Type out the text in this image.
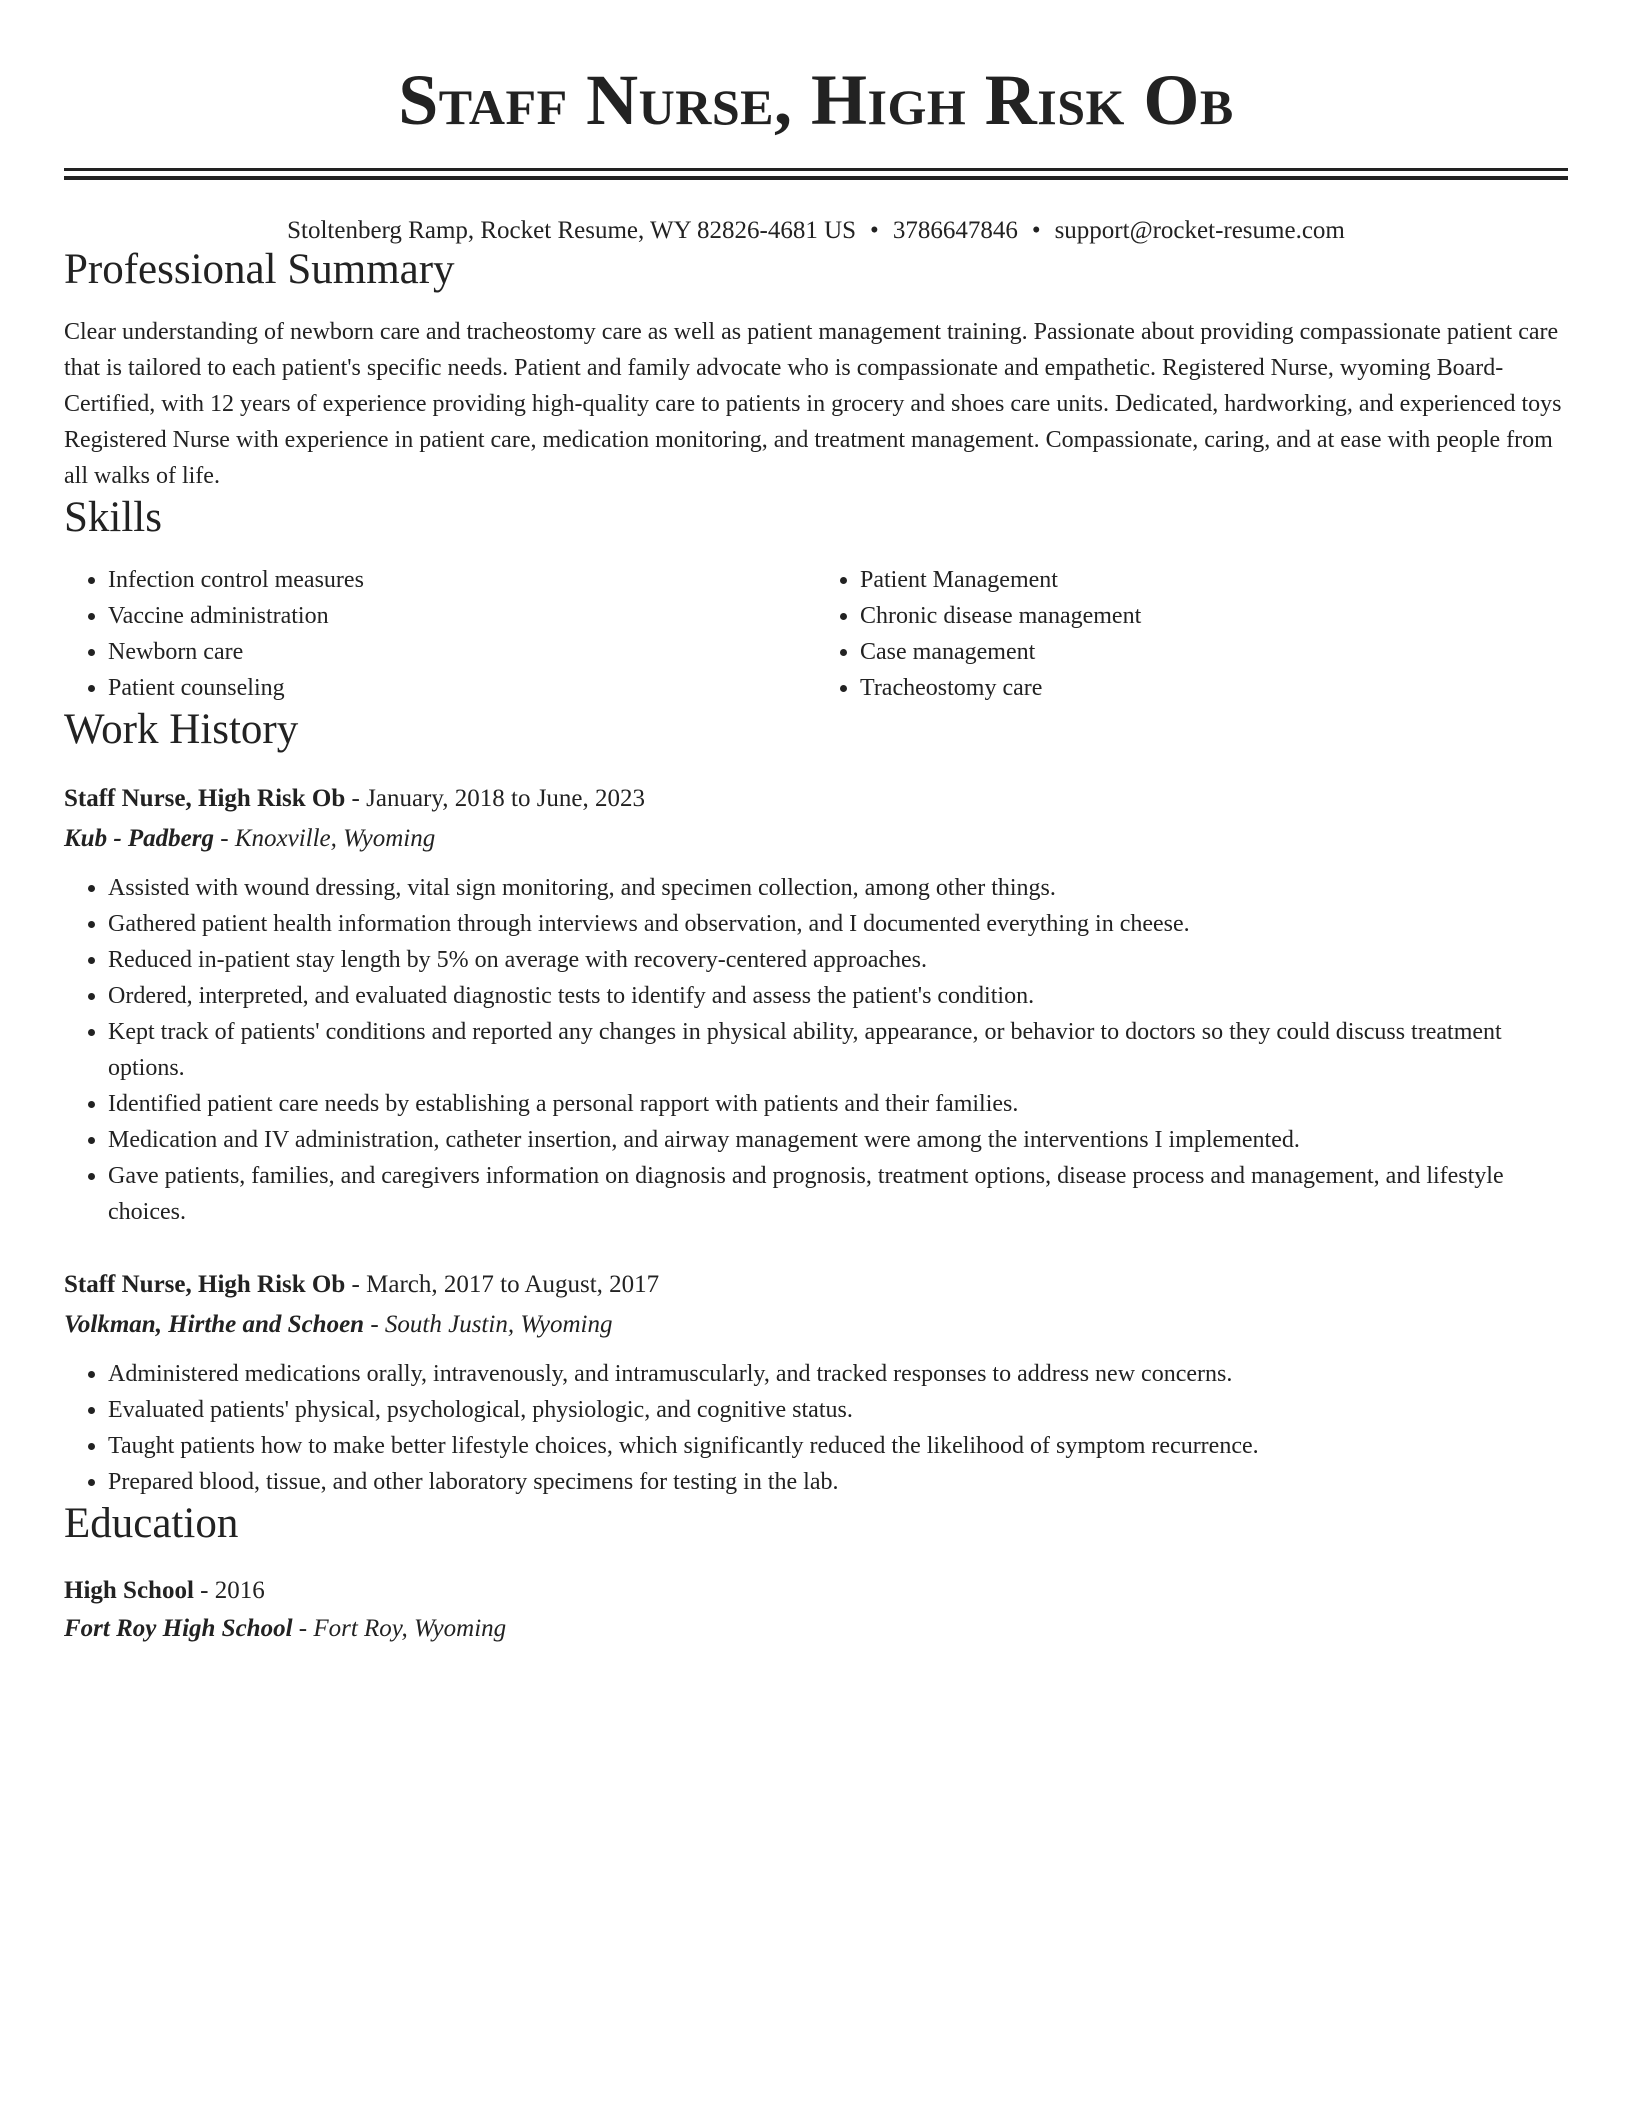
Staff Nurse, High Risk Ob
Stoltenberg Ramp, Rocket Resume, WY 82826-4681 US • 3786647846 • support@rocket-resume.com
Professional Summary
Clear understanding of newborn care and tracheostomy care as well as patient management training. Passionate about providing compassionate patient care that is tailored to each patient's specific needs. Patient and family advocate who is compassionate and empathetic. Registered Nurse, wyoming Board-Certified, with 12 years of experience providing high-quality care to patients in grocery and shoes care units. Dedicated, hardworking, and experienced toys Registered Nurse with experience in patient care, medication monitoring, and treatment management. Compassionate, caring, and at ease with people from all walks of life.
Skills
• Infection control measures
• Vaccine administration
• Newborn care
• Patient counseling
• Patient Management
• Chronic disease management
• Case management
• Tracheostomy care
Work History
Staff Nurse, High Risk Ob - January, 2018 to June, 2023
Kub - Padberg - Knoxville, Wyoming
• Assisted with wound dressing, vital sign monitoring, and specimen collection, among other things.
• Gathered patient health information through interviews and observation, and I documented everything in cheese.
• Reduced in-patient stay length by 5% on average with recovery-centered approaches.
• Ordered, interpreted, and evaluated diagnostic tests to identify and assess the patient's condition.
• Kept track of patients' conditions and reported any changes in physical ability, appearance, or behavior to doctors so they could discuss treatment options.
• Identified patient care needs by establishing a personal rapport with patients and their families.
• Medication and IV administration, catheter insertion, and airway management were among the interventions I implemented.
• Gave patients, families, and caregivers information on diagnosis and prognosis, treatment options, disease process and management, and lifestyle choices.
Staff Nurse, High Risk Ob - March, 2017 to August, 2017
Volkman, Hirthe and Schoen - South Justin, Wyoming
• Administered medications orally, intravenously, and intramuscularly, and tracked responses to address new concerns.
• Evaluated patients' physical, psychological, physiologic, and cognitive status.
• Taught patients how to make better lifestyle choices, which significantly reduced the likelihood of symptom recurrence.
• Prepared blood, tissue, and other laboratory specimens for testing in the lab.
Education
High School - 2016
Fort Roy High School - Fort Roy, Wyoming
